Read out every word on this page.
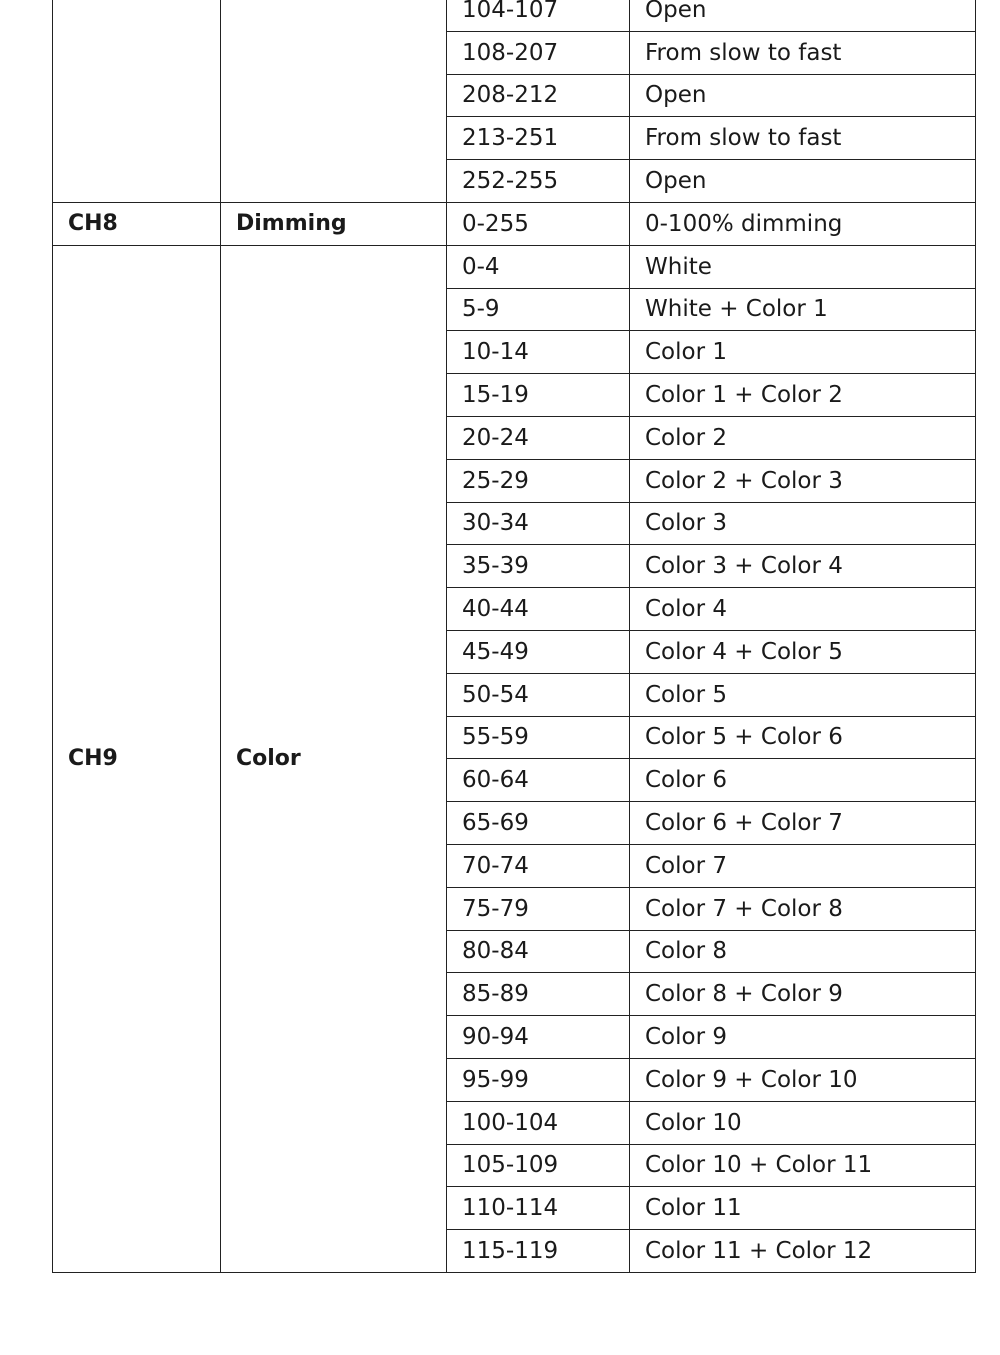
		104-107	Open
		108-207	From slow to fast
		208-212	Open
		213-251	From slow to fast
		252-255	Open
CH8	Dimming	0-255	0-100% dimming
CH9	Color	0-4	White
		5-9	White + Color 1
		10-14	Color 1
		15-19	Color 1 + Color 2
		20-24	Color 2
		25-29	Color 2 + Color 3
		30-34	Color 3
		35-39	Color 3 + Color 4
		40-44	Color 4
		45-49	Color 4 + Color 5
		50-54	Color 5
		55-59	Color 5 + Color 6
		60-64	Color 6
		65-69	Color 6 + Color 7
		70-74	Color 7
		75-79	Color 7 + Color 8
		80-84	Color 8
		85-89	Color 8 + Color 9
		90-94	Color 9
		95-99	Color 9 + Color 10
		100-104	Color 10
		105-109	Color 10 + Color 11
		110-114	Color 11
		115-119	Color 11 + Color 12
